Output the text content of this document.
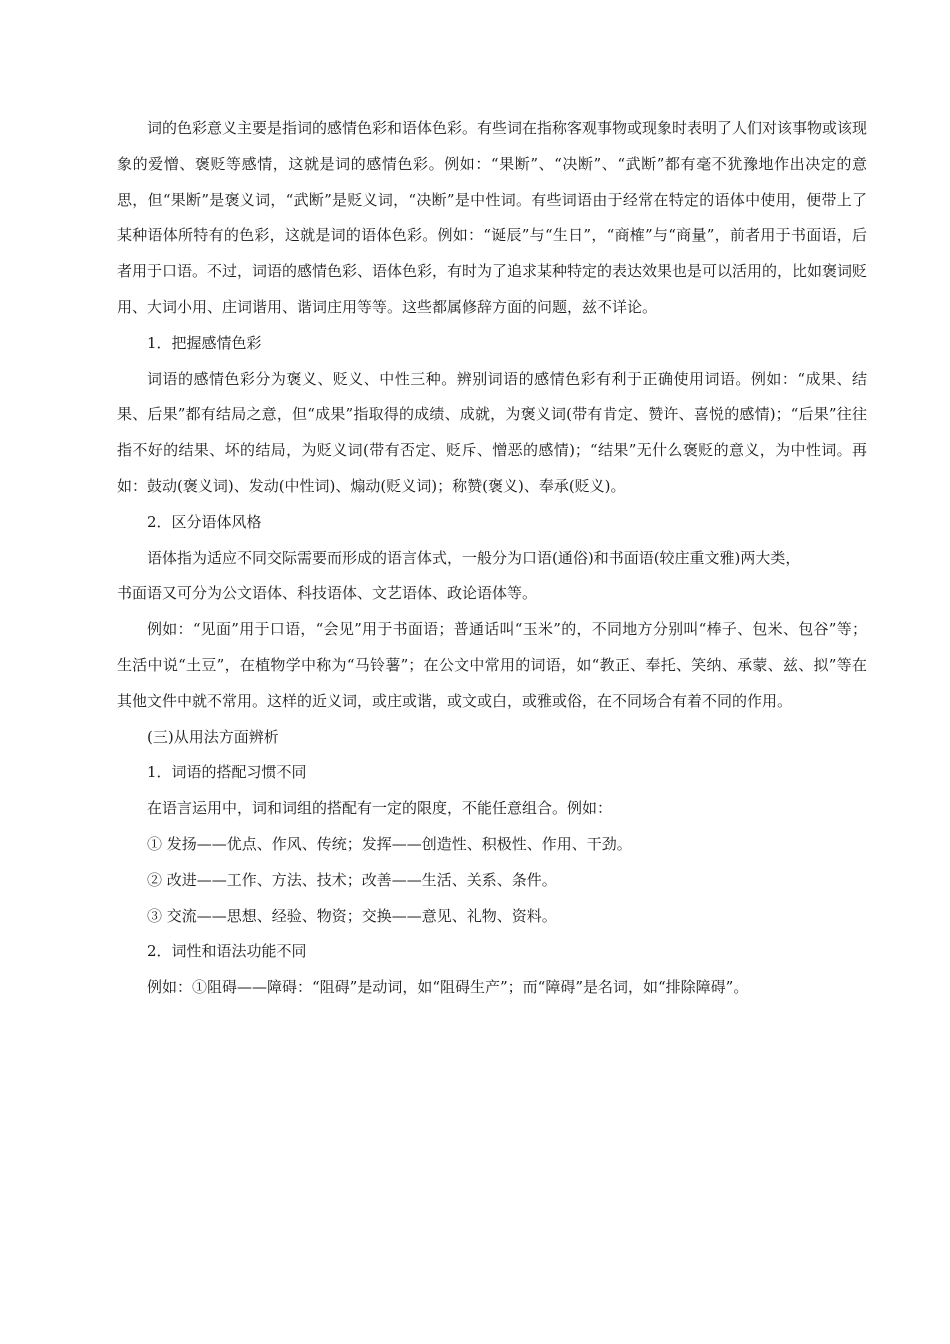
词的色彩意义主要是指词的感情色彩和语体色彩。有些词在指称客观事物或现象时表明了人们对该事物或该现象的爱憎、褒贬等感情，这就是词的感情色彩。例如：“果断”、“决断”、“武断”都有毫不犹豫地作出决定的意思，但“果断”是褒义词，“武断”是贬义词，“决断”是中性词。有些词语由于经常在特定的语体中使用，便带上了某种语体所特有的色彩，这就是词的语体色彩。例如：“诞辰”与“生日”，“商榷”与“商量”，前者用于书面语，后者用于口语。不过，词语的感情色彩、语体色彩，有时为了追求某种特定的表达效果也是可以活用的，比如褒词贬用、大词小用、庄词谐用、谐词庄用等等。这些都属修辞方面的问题，兹不详论。

1．把握感情色彩

词语的感情色彩分为褒义、贬义、中性三种。辨别词语的感情色彩有利于正确使用词语。例如：“成果、结果、后果”都有结局之意，但“成果”指取得的成绩、成就，为褒义词(带有肯定、赞许、喜悦的感情)；“后果”往往指不好的结果、坏的结局，为贬义词(带有否定、贬斥、憎恶的感情)；“结果”无什么褒贬的意义，为中性词。再如：鼓动(褒义词)、发动(中性词)、煽动(贬义词)；称赞(褒义)、奉承(贬义)。

2．区分语体风格

语体指为适应不同交际需要而形成的语言体式，一般分为口语(通俗)和书面语(较庄重文雅)两大类，

书面语又可分为公文语体、科技语体、文艺语体、政论语体等。

例如：“见面”用于口语，“会见”用于书面语；普通话叫“玉米”的，不同地方分别叫“棒子、包米、包谷”等；生活中说“土豆”，在植物学中称为“马铃薯”；在公文中常用的词语，如“教正、奉托、笑纳、承蒙、兹、拟”等在其他文件中就不常用。这样的近义词，或庄或谐，或文或白，或雅或俗，在不同场合有着不同的作用。

(三)从用法方面辨析

1．词语的搭配习惯不同

在语言运用中，词和词组的搭配有一定的限度，不能任意组合。例如：

① 发扬——优点、作风、传统；发挥——创造性、积极性、作用、干劲。

② 改进——工作、方法、技术；改善——生活、关系、条件。

③ 交流——思想、经验、物资；交换——意见、礼物、资料。

2．词性和语法功能不同

例如：①阻碍——障碍：“阻碍”是动词，如“阻碍生产”；而“障碍”是名词，如“排除障碍”。
